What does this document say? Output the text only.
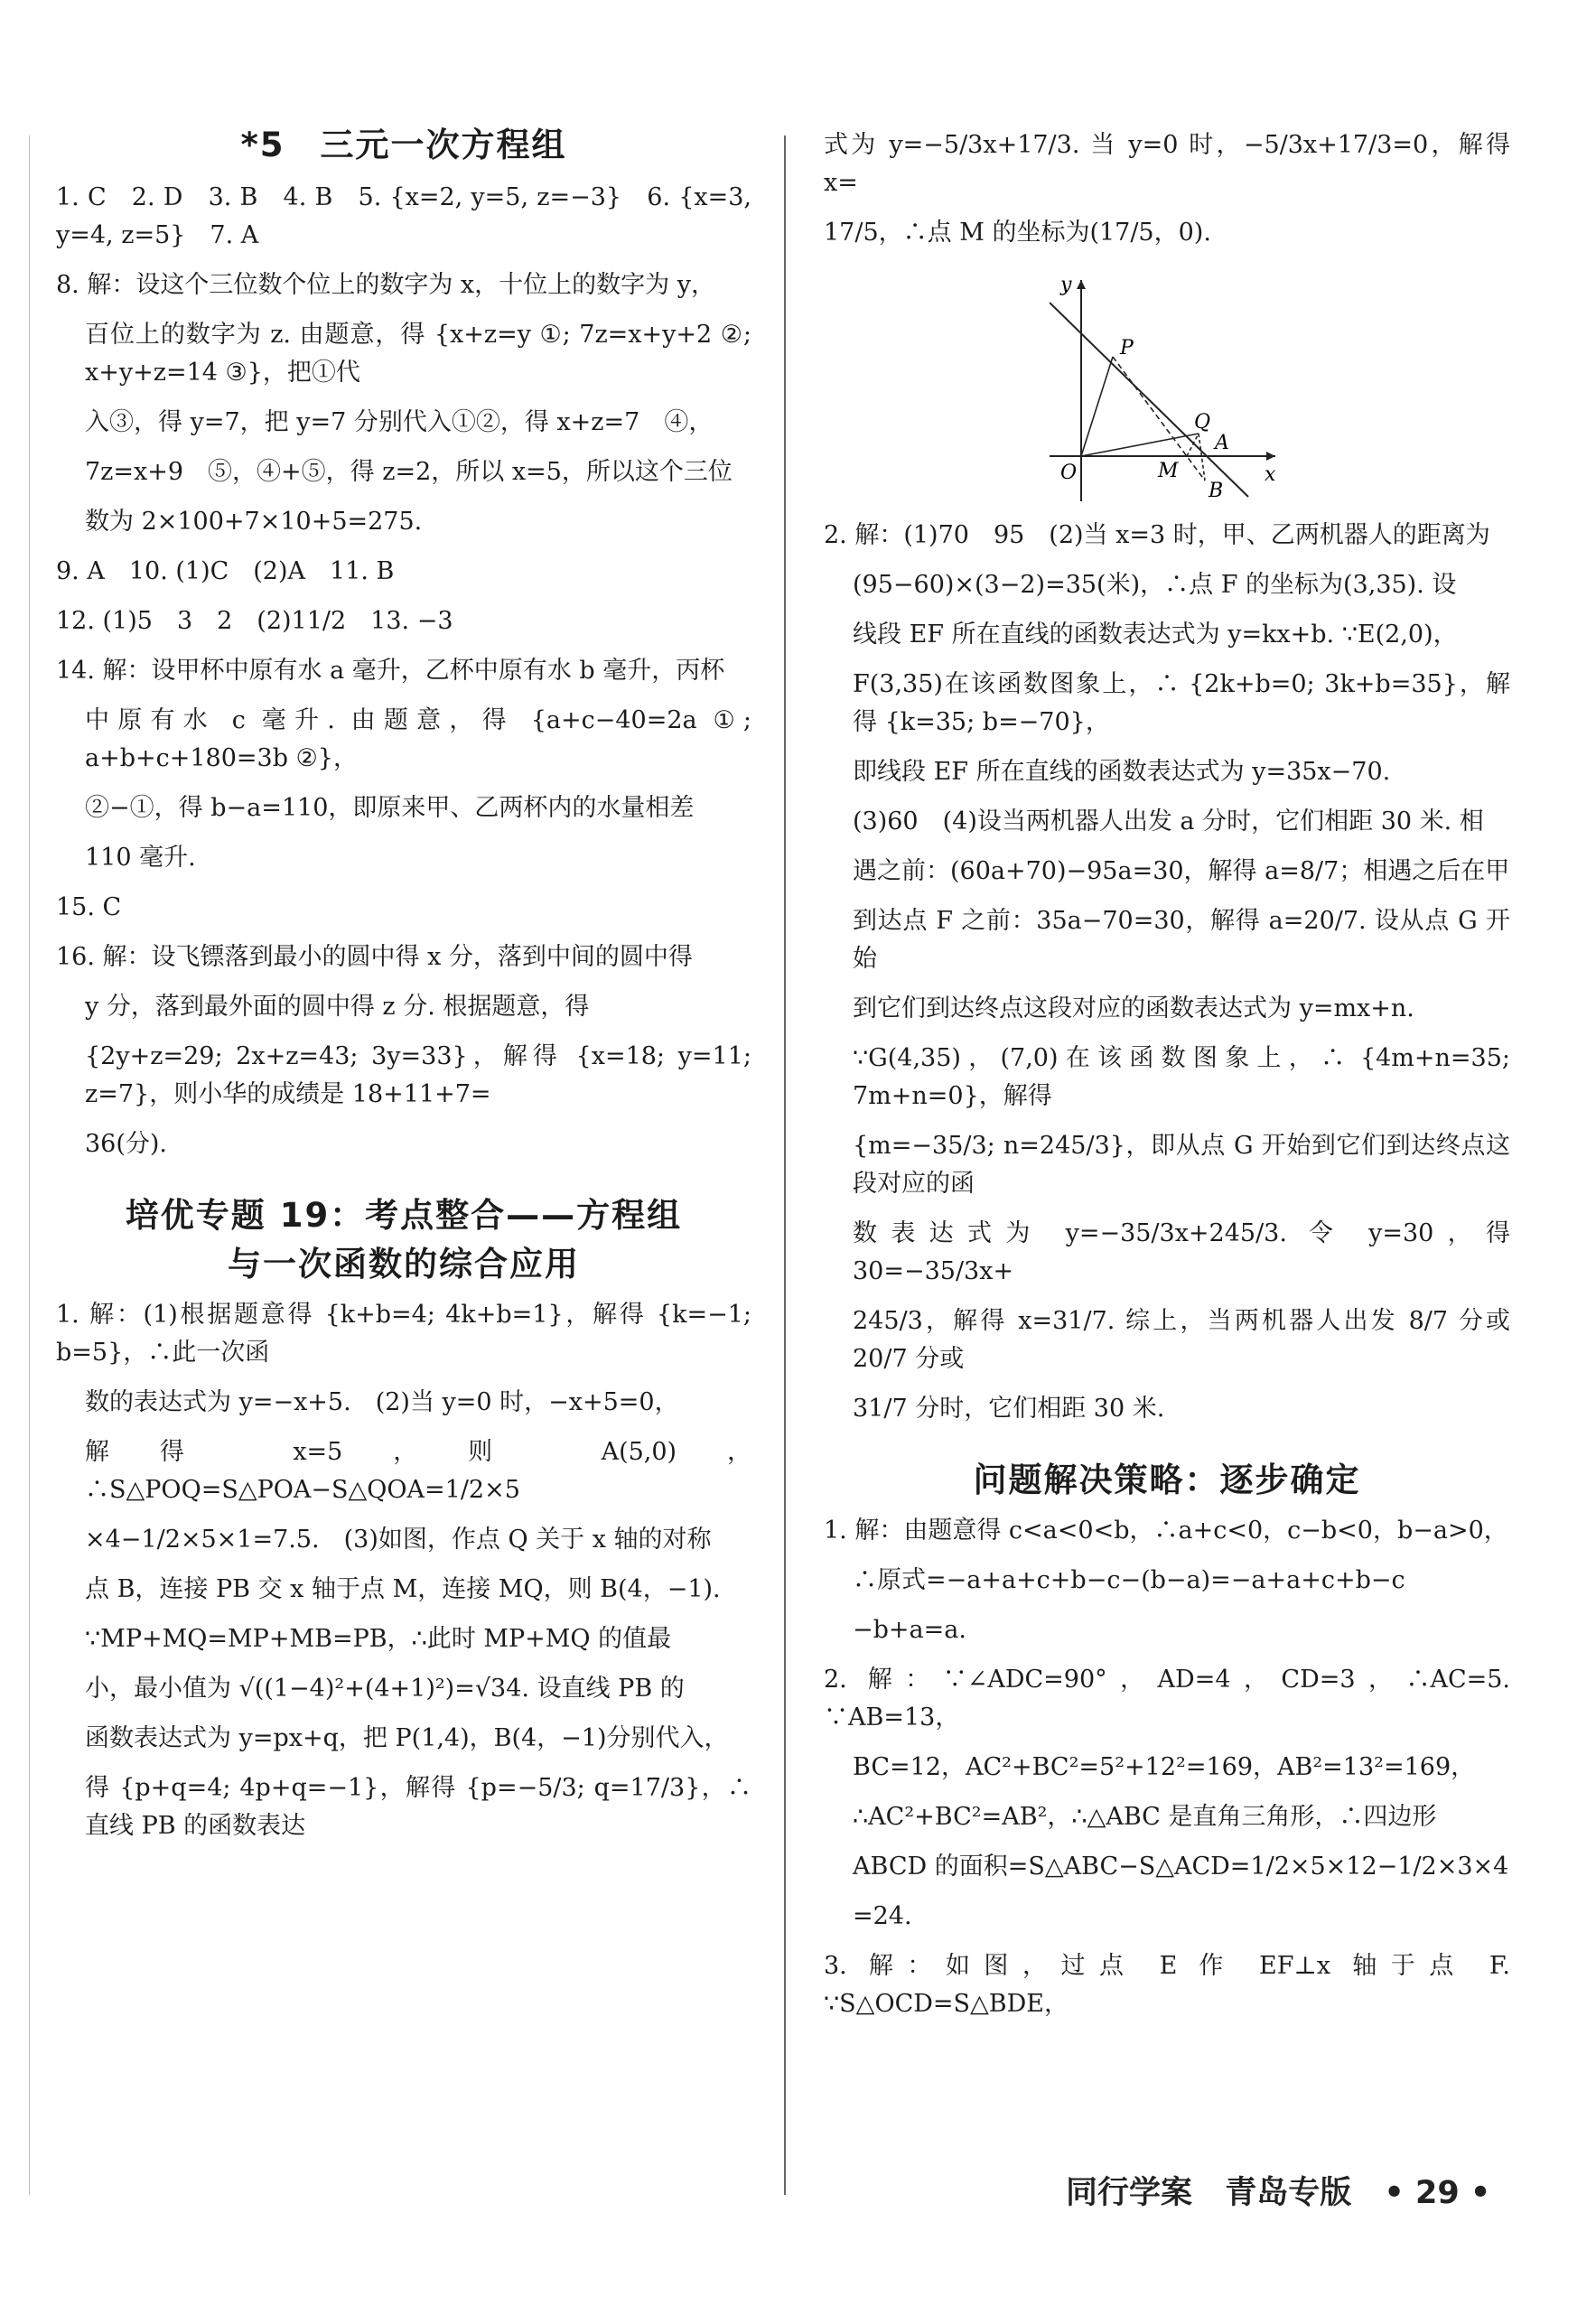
*5　三元一次方程组

1. C　2. D　3. B　4. B　5. {x=2, y=5, z=−3}　6. {x=3, y=4, z=5}　7. A

8. 解：设这个三位数个位上的数字为 x，十位上的数字为 y，

百位上的数字为 z. 由题意，得 {x+z=y ①; 7z=x+y+2 ②; x+y+z=14 ③}，把①代

入③，得 y=7，把 y=7 分别代入①②，得 x+z=7　④，

7z=x+9　⑤，④+⑤，得 z=2，所以 x=5，所以这个三位

数为 2×100+7×10+5=275.

9. A　10. (1)C　(2)A　11. B

12. (1)5　3　2　(2)11/2　13. −3

14. 解：设甲杯中原有水 a 毫升，乙杯中原有水 b 毫升，丙杯

中原有水 c 毫升. 由题意，得 {a+c−40=2a ①; a+b+c+180=3b ②}，

②−①，得 b−a=110，即原来甲、乙两杯内的水量相差

110 毫升.

15. C

16. 解：设飞镖落到最小的圆中得 x 分，落到中间的圆中得

y 分，落到最外面的圆中得 z 分. 根据题意，得

{2y+z=29; 2x+z=43; 3y=33}，解得 {x=18; y=11; z=7}，则小华的成绩是 18+11+7=

36(分).

培优专题 19：考点整合——方程组

与一次函数的综合应用

1. 解：(1)根据题意得 {k+b=4; 4k+b=1}，解得 {k=−1; b=5}，∴此一次函

数的表达式为 y=−x+5.　(2)当 y=0 时，−x+5=0，

解得 x=5，则 A(5,0)，∴S△POQ=S△POA−S△QOA=1/2×5

×4−1/2×5×1=7.5.　(3)如图，作点 Q 关于 x 轴的对称

点 B，连接 PB 交 x 轴于点 M，连接 MQ，则 B(4，−1).

∵MP+MQ=MP+MB=PB，∴此时 MP+MQ 的值最

小，最小值为 √((1−4)²+(4+1)²)=√34. 设直线 PB 的

函数表达式为 y=px+q，把 P(1,4)，B(4，−1)分别代入，

得 {p+q=4; 4p+q=−1}，解得 {p=−5/3; q=17/3}，∴直线 PB 的函数表达

式为 y=−5/3x+17/3. 当 y=0 时，−5/3x+17/3=0，解得 x=

17/5，∴点 M 的坐标为(17/5，0).

y
x
O
P
Q
A
M
B

2. 解：(1)70　95　(2)当 x=3 时，甲、乙两机器人的距离为

(95−60)×(3−2)=35(米)，∴点 F 的坐标为(3,35). 设

线段 EF 所在直线的函数表达式为 y=kx+b. ∵E(2,0)，

F(3,35)在该函数图象上，∴ {2k+b=0; 3k+b=35}，解得 {k=35; b=−70}，

即线段 EF 所在直线的函数表达式为 y=35x−70.

(3)60　(4)设当两机器人出发 a 分时，它们相距 30 米. 相

遇之前：(60a+70)−95a=30，解得 a=8/7；相遇之后在甲

到达点 F 之前：35a−70=30，解得 a=20/7. 设从点 G 开始

到它们到达终点这段对应的函数表达式为 y=mx+n.

∵G(4,35)，(7,0)在该函数图象上，∴ {4m+n=35; 7m+n=0}，解得

{m=−35/3; n=245/3}，即从点 G 开始到它们到达终点这段对应的函

数表达式为 y=−35/3x+245/3. 令 y=30，得 30=−35/3x+

245/3，解得 x=31/7. 综上，当两机器人出发 8/7 分或 20/7 分或

31/7 分时，它们相距 30 米.

问题解决策略：逐步确定

1. 解：由题意得 c<a<0<b，∴a+c<0，c−b<0，b−a>0，

∴原式=−a+a+c+b−c−(b−a)=−a+a+c+b−c

−b+a=a.

2. 解：∵∠ADC=90°，AD=4，CD=3，∴AC=5. ∵AB=13，

BC=12，AC²+BC²=5²+12²=169，AB²=13²=169，

∴AC²+BC²=AB²，∴△ABC 是直角三角形，∴四边形

ABCD 的面积=S△ABC−S△ACD=1/2×5×12−1/2×3×4

=24.

3. 解：如图，过点 E 作 EF⊥x 轴于点 F. ∵S△OCD=S△BDE，

同行学案 青岛专版 • 29 •
